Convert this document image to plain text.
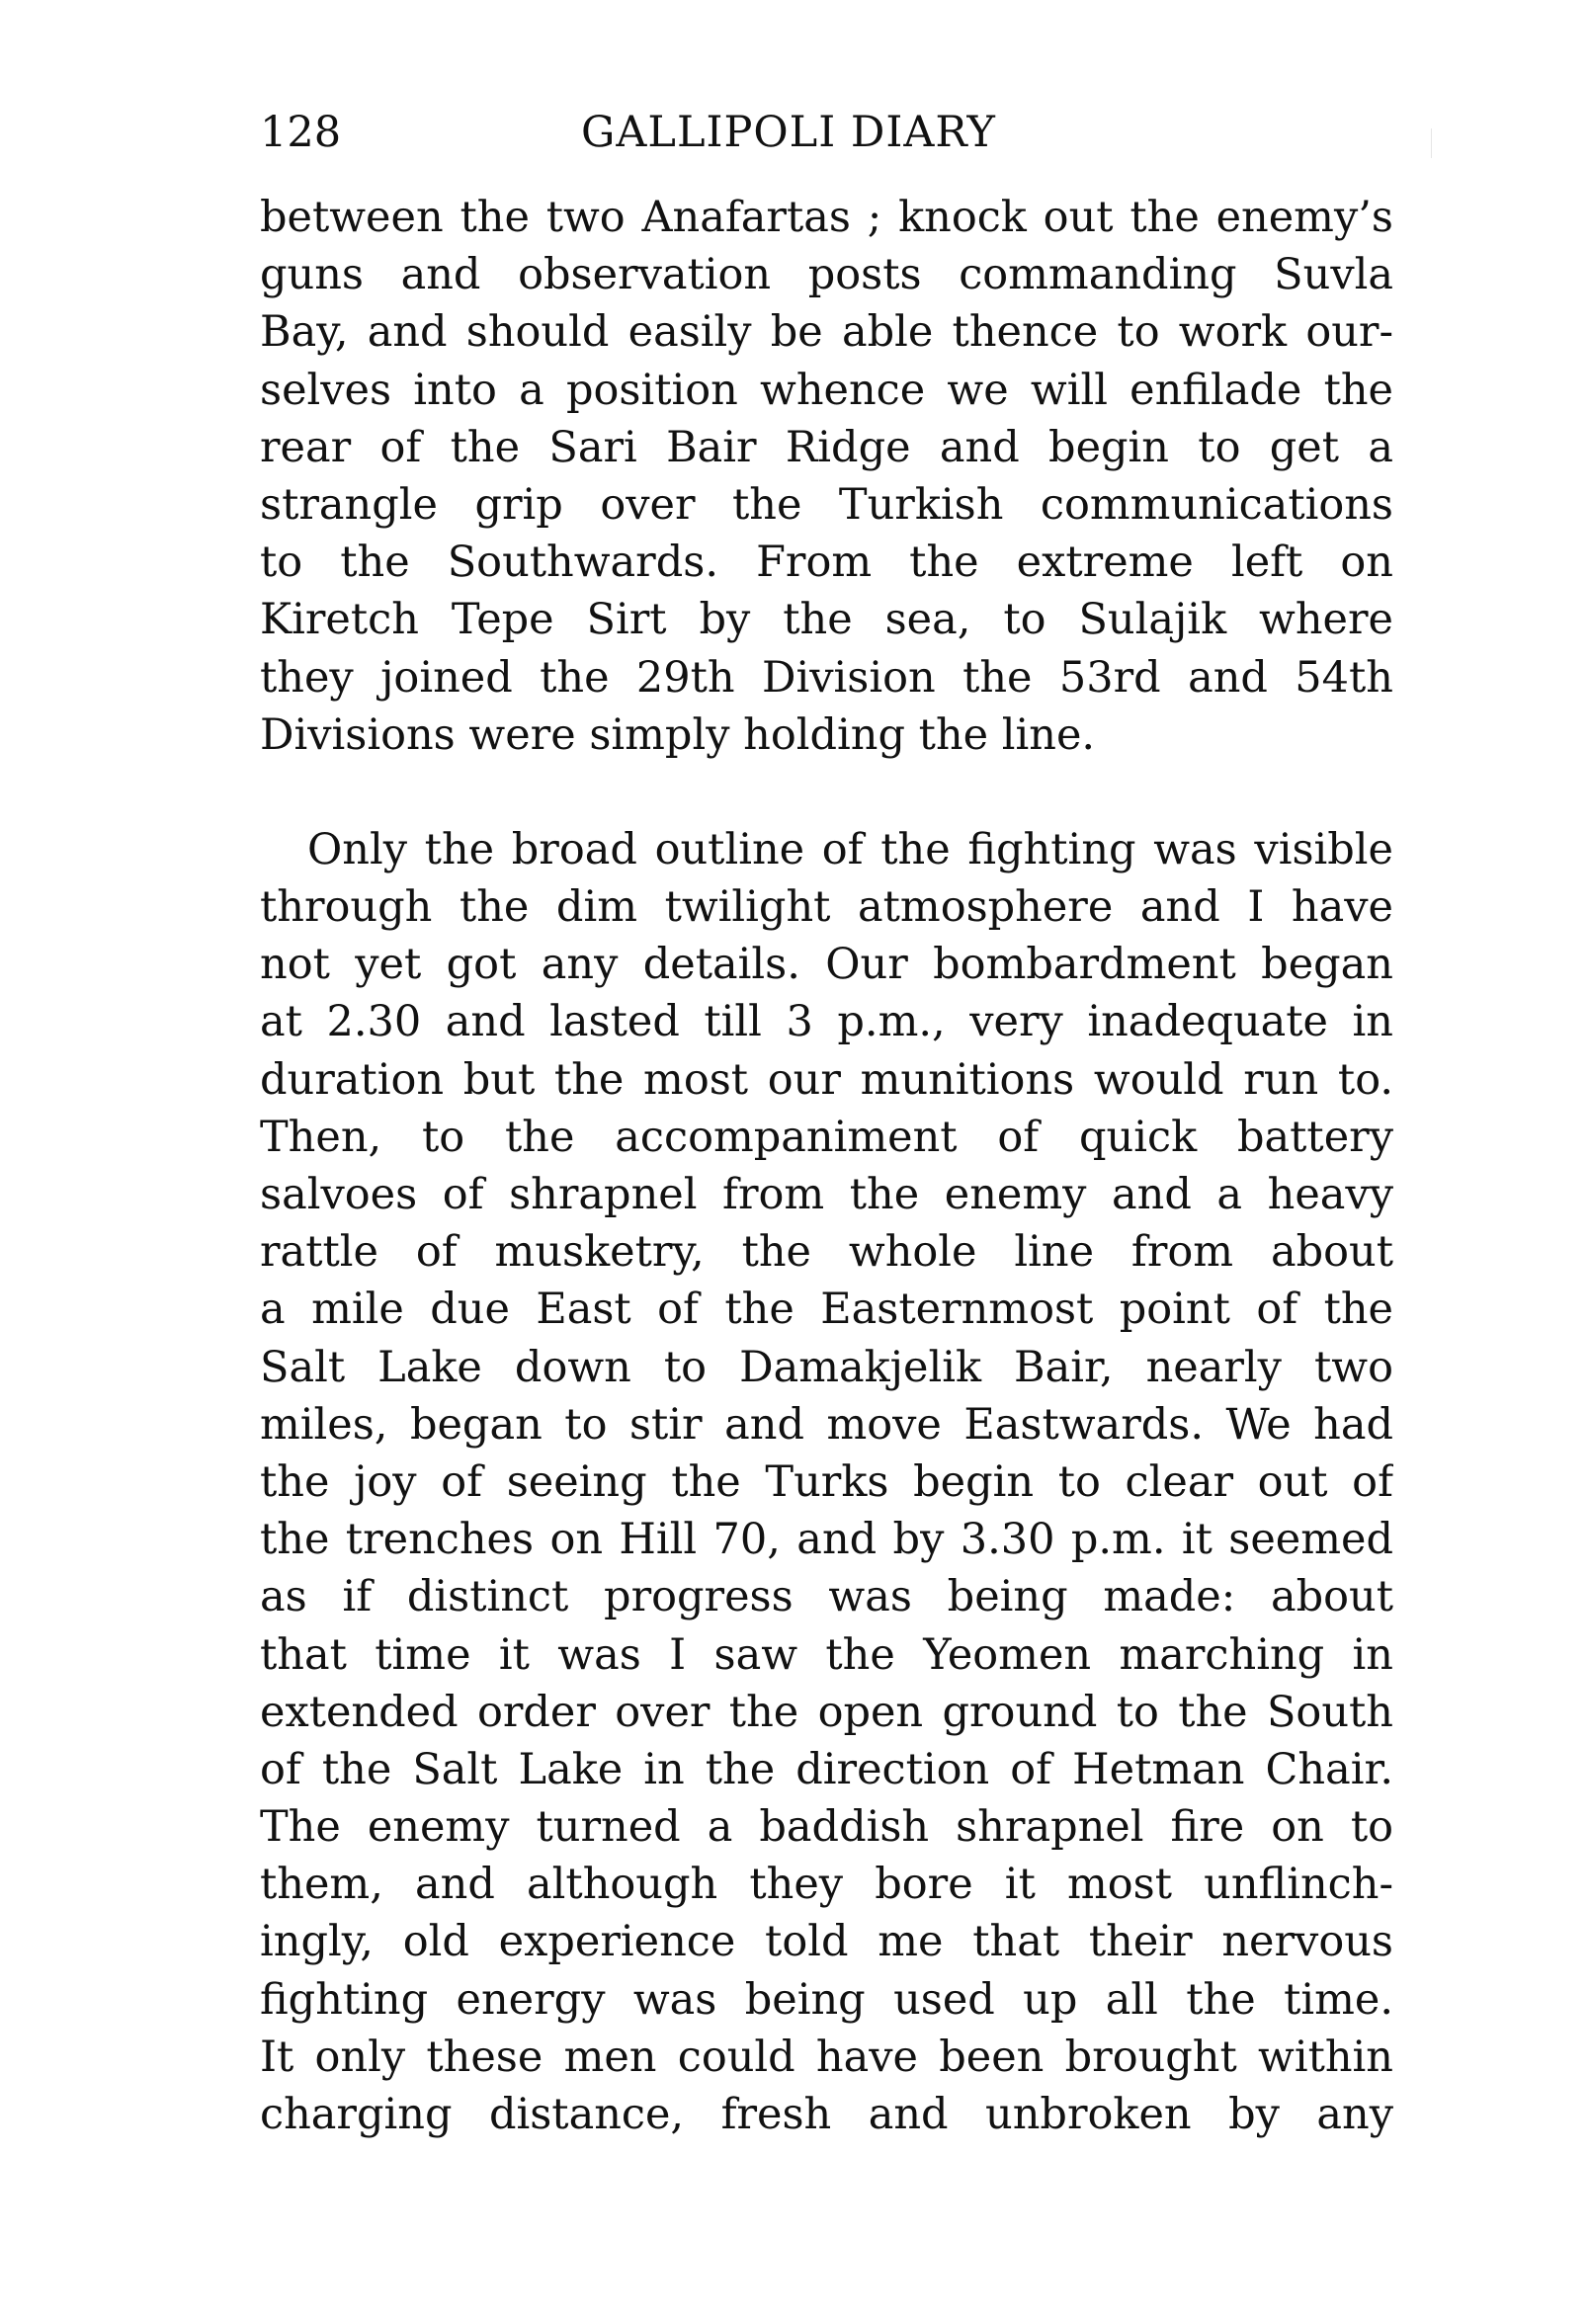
128	GALLIPOLI DIARY
between the two Anafartas ; knock out the enemy’s
guns and observation posts commanding Suvla
Bay, and should easily be able thence to work our-
selves into a position whence we will enfilade the
rear of the Sari Bair Ridge and begin to get a
strangle grip over the Turkish communications
to the Southwards. From the extreme left on
Kiretch Tepe Sirt by the sea, to Sulajik where
they joined the 29th Division the 53rd and 54th
Divisions were simply holding the line.
Only the broad outline of the fighting was visible
through the dim twilight atmosphere and I have
not yet got any details. Our bombardment began
at 2.30 and lasted till 3 p.m., very inadequate in
duration but the most our munitions would run to.
Then, to the accompaniment of quick battery
salvoes of shrapnel from the enemy and a heavy
rattle of musketry, the whole line from about
a mile due East of the Easternmost point of the
Salt Lake down to Damakjelik Bair, nearly two
miles, began to stir and move Eastwards. We had
the joy of seeing the Turks begin to clear out of
the trenches on Hill 70, and by 3.30 p.m. it seemed
as if distinct progress was being made: about
that time it was I saw the Yeomen marching in
extended order over the open ground to the South
of the Salt Lake in the direction of Hetman Chair.
The enemy turned a baddish shrapnel fire on to
them, and although they bore it most unflinch-
ingly, old experience told me that their nervous
fighting energy was being used up all the time.
It only these men could have been brought within
charging distance, fresh and unbroken by any
